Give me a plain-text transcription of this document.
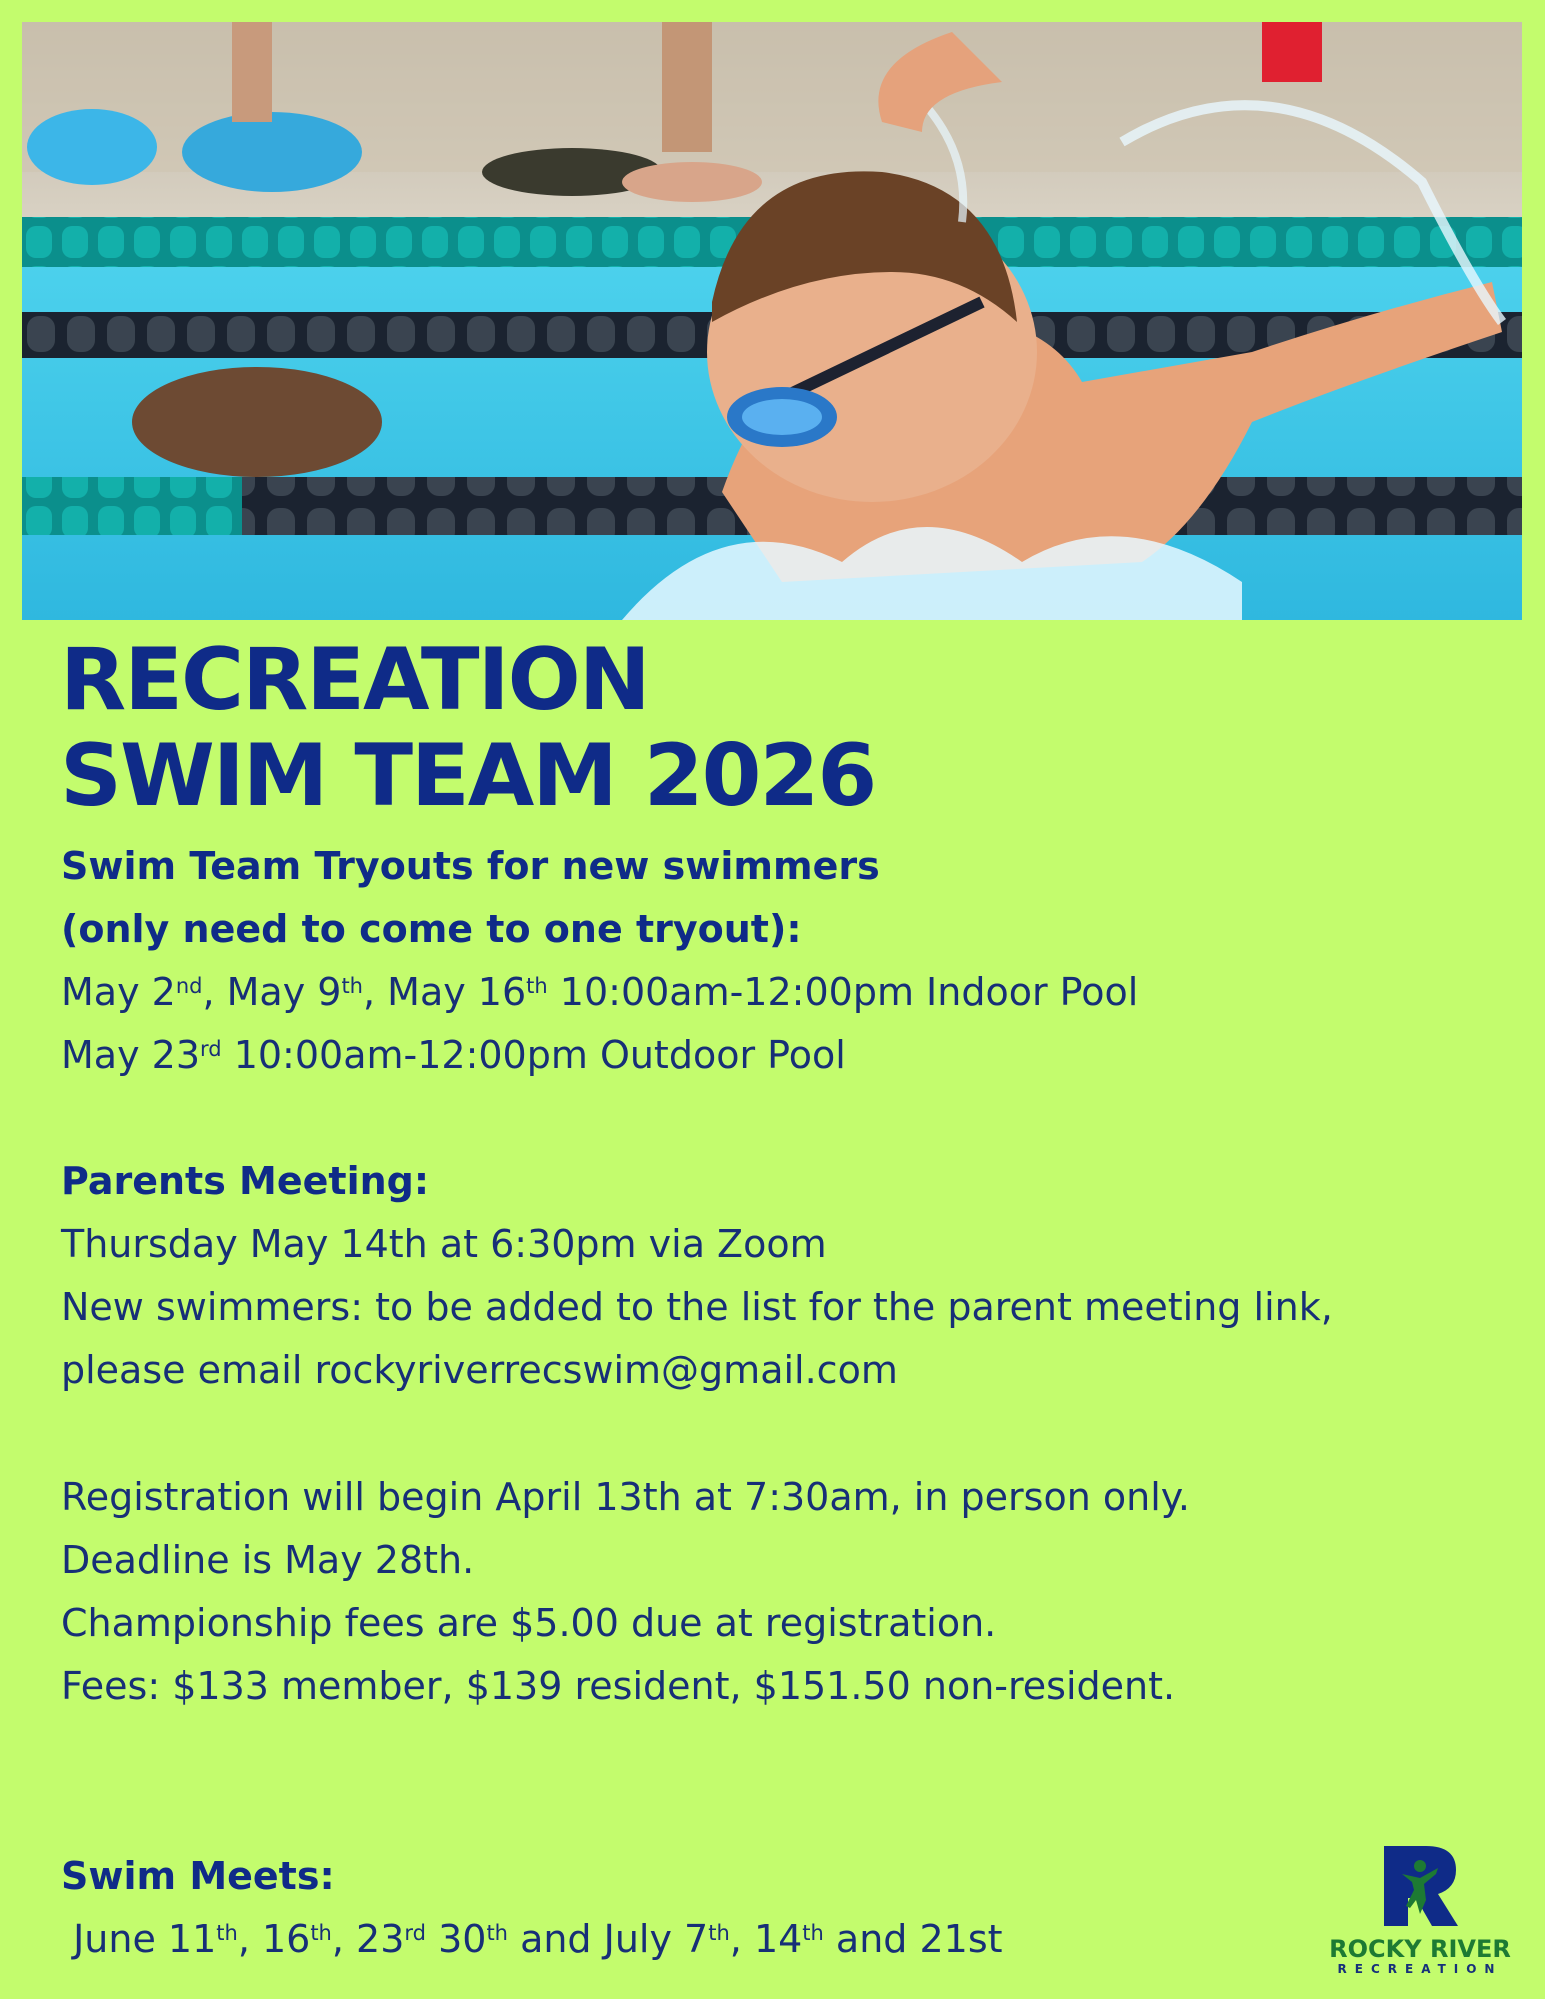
RECREATION
SWIM TEAM 2026
Swim Team Tryouts for new swimmers
(only need to come to one tryout):
May 2nd, May 9th, May 16th 10:00am-12:00pm Indoor Pool
May 23rd 10:00am-12:00pm Outdoor Pool
Parents Meeting:
Thursday May 14th at 6:30pm via Zoom
New swimmers: to be added to the list for the parent meeting link,
please email rockyriverrecswim@gmail.com
Registration will begin April 13th at 7:30am, in person only.
Deadline is May 28th.
Championship fees are $5.00 due at registration.
Fees: $133 member, $139 resident, $151.50 non-resident.
Swim Meets:
June 11th, 16th, 23rd 30th and July 7th, 14th and 21st	ROCKY RIVER
RECREATION
